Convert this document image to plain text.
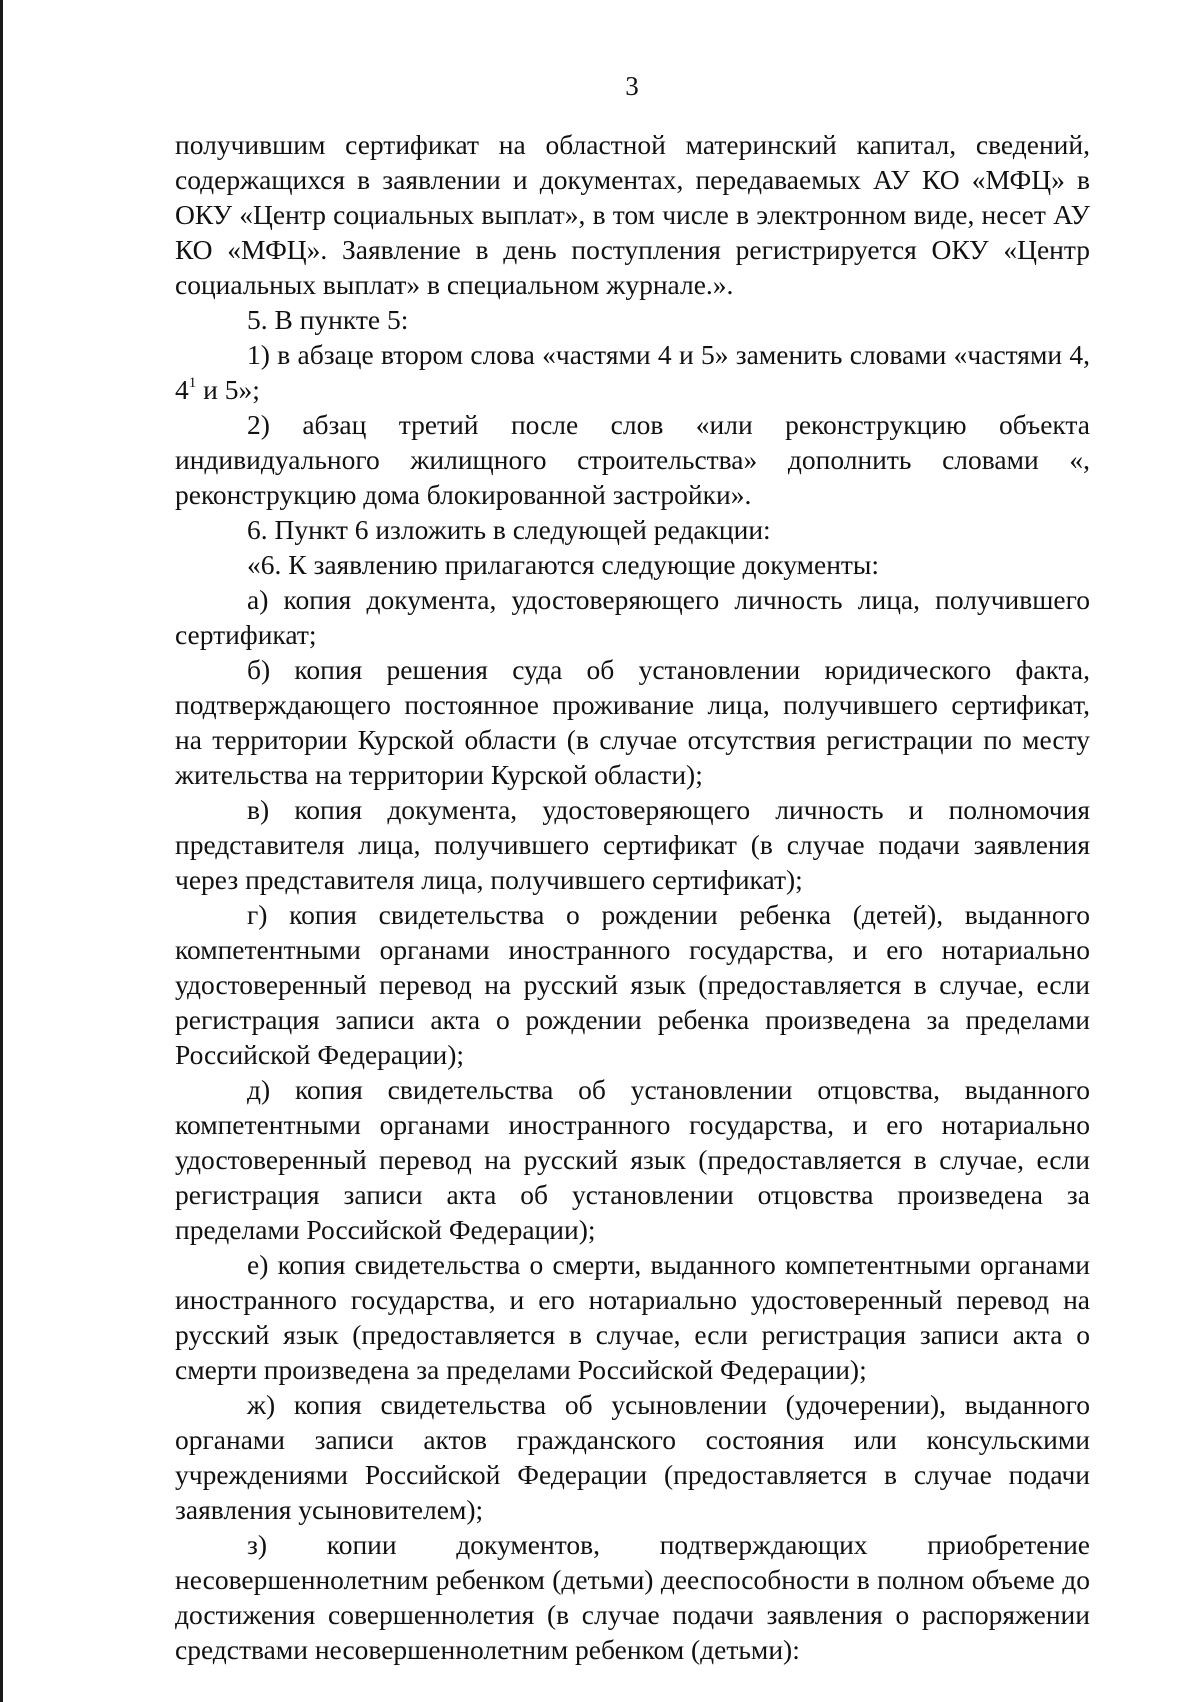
3

получившим сертификат на областной материнский капитал, сведений, содержащихся в заявлении и документах, передаваемых АУ КО «МФЦ» в ОКУ «Центр социальных выплат», в том числе в электронном виде, несет АУ КО «МФЦ». Заявление в день поступления регистрируется ОКУ «Центр социальных выплат» в специальном журнале.».

5. В пункте 5:

1) в абзаце втором слова «частями 4 и 5» заменить словами «частями 4, $4^1$ и 5»;

2) абзац третий после слов «или реконструкцию объекта индивидуального жилищного строительства» дополнить словами «, реконструкцию дома блокированной застройки».

6. Пункт 6 изложить в следующей редакции:

«6. К заявлению прилагаются следующие документы:

а) копия документа, удостоверяющего личность лица, получившего сертификат;

б) копия решения суда об установлении юридического факта, подтверждающего постоянное проживание лица, получившего сертификат, на территории Курской области (в случае отсутствия регистрации по месту жительства на территории Курской области);

в) копия документа, удостоверяющего личность и полномочия представителя лица, получившего сертификат (в случае подачи заявления через представителя лица, получившего сертификат);

г) копия свидетельства о рождении ребенка (детей), выданного компетентными органами иностранного государства, и его нотариально удостоверенный перевод на русский язык (предоставляется в случае, если регистрация записи акта о рождении ребенка произведена за пределами Российской Федерации);

д) копия свидетельства об установлении отцовства, выданного компетентными органами иностранного государства, и его нотариально удостоверенный перевод на русский язык (предоставляется в случае, если регистрация записи акта об установлении отцовства произведена за пределами Российской Федерации);

е) копия свидетельства о смерти, выданного компетентными органами иностранного государства, и его нотариально удостоверенный перевод на русский язык (предоставляется в случае, если регистрация записи акта о смерти произведена за пределами Российской Федерации);

ж) копия свидетельства об усыновлении (удочерении), выданного органами записи актов гражданского состояния или консульскими учреждениями Российской Федерации (предоставляется в случае подачи заявления усыновителем);

з) копии документов, подтверждающих приобретение несовершеннолетним ребенком (детьми) дееспособности в полном объеме до достижения совершеннолетия (в случае подачи заявления о распоряжении средствами несовершеннолетним ребенком (детьми):
